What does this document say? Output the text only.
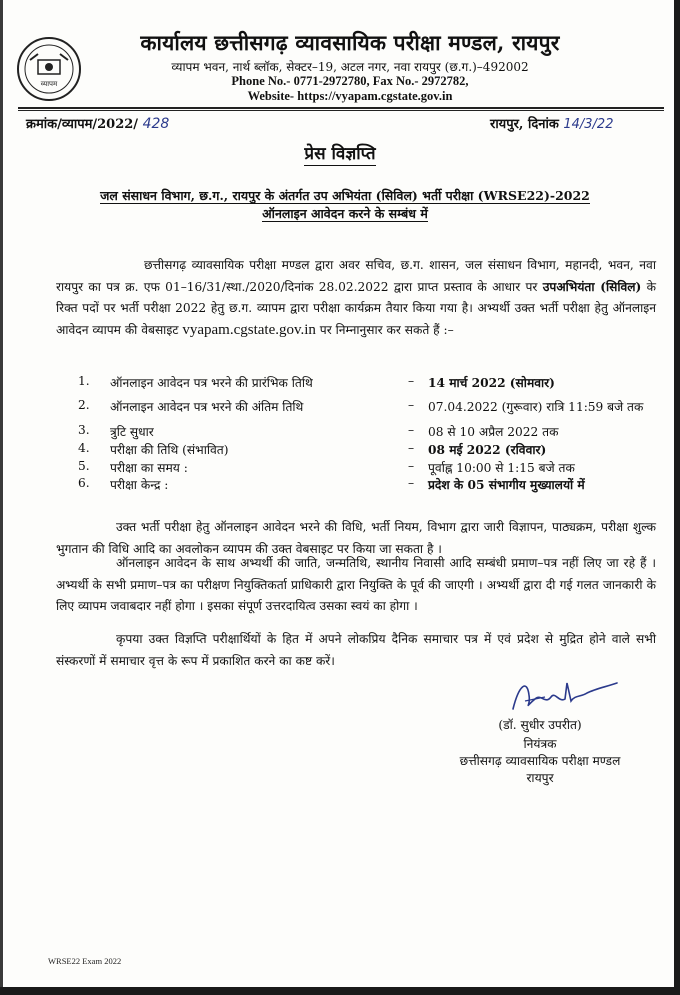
व्यापम
कार्यालय छत्तीसगढ़ व्यावसायिक परीक्षा मण्डल, रायपुर
व्यापम भवन, नार्थ ब्लॉक, सेक्टर–19, अटल नगर, नवा रायपुर (छ.ग.)–492002
Phone No.- 0771-2972780, Fax No.- 2972782,
Website- https://vyapam.cgstate.gov.in
क्रमांक/व्यापम/2022/ 428	रायपुर, दिनांक 14/3/22
प्रेस विज्ञप्ति
जल संसाधन विभाग, छ.ग., रायपुर के अंतर्गत उप अभियंता (सिविल) भर्ती परीक्षा (WRSE22)-2022
ऑनलाइन आवेदन करने के सम्बंध में
छत्तीसगढ़ व्यावसायिक परीक्षा मण्डल द्वारा अवर सचिव, छ.ग. शासन, जल संसाधन विभाग, महानदी, भवन, नवा रायपुर का पत्र क्र. एफ 01–16/31/स्था./2020/दिनांक 28.02.2022 द्वारा प्राप्त प्रस्ताव के आधार पर उपअभियंता (सिविल) के रिक्त पदों पर भर्ती परीक्षा 2022 हेतु छ.ग. व्यापम द्वारा परीक्षा कार्यक्रम तैयार किया गया है। अभ्यर्थी उक्त भर्ती परीक्षा हेतु ऑनलाइन आवेदन व्यापम की वेबसाइट vyapam.cgstate.gov.in पर निम्नानुसार कर सकते हैं :–
1. ऑनलाइन आवेदन पत्र भरने की प्रारंभिक तिथि	– 14 मार्च 2022 (सोमवार)
2. ऑनलाइन आवेदन पत्र भरने की अंतिम तिथि	– 07.04.2022 (गुरूवार) रात्रि 11:59 बजे तक
3. त्रुटि सुधार	– 08 से 10 अप्रैल 2022 तक
4. परीक्षा की तिथि (संभावित)	– 08 मई 2022 (रविवार)
5. परीक्षा का समय :	– पूर्वाह्न 10:00 से 1:15 बजे तक
6. परीक्षा केन्द्र :	– प्रदेश के 05 संभागीय मुख्यालयों में
उक्त भर्ती परीक्षा हेतु ऑनलाइन आवेदन भरने की विधि, भर्ती नियम, विभाग द्वारा जारी विज्ञापन, पाठ्यक्रम, परीक्षा शुल्क भुगतान की विधि आदि का अवलोकन व्यापम की उक्त वेबसाइट पर किया जा सकता है ।
ऑनलाइन आवेदन के साथ अभ्यर्थी की जाति, जन्मतिथि, स्थानीय निवासी आदि सम्बंधी प्रमाण–पत्र नहीं लिए जा रहे हैं । अभ्यर्थी के सभी प्रमाण–पत्र का परीक्षण नियुक्तिकर्ता प्राधिकारी द्वारा नियुक्ति के पूर्व की जाएगी । अभ्यर्थी द्वारा दी गई गलत जानकारी के लिए व्यापम जवाबदार नहीं होगा । इसका संपूर्ण उत्तरदायित्व उसका स्वयं का होगा ।
कृपया उक्त विज्ञप्ति परीक्षार्थियों के हित में अपने लोकप्रिय दैनिक समाचार पत्र में एवं प्रदेश से मुद्रित होने वाले सभी संस्करणों में समाचार वृत्त के रूप में प्रकाशित करने का कष्ट करें।
(डॉ. सुधीर उपरीत)
नियंत्रक
छत्तीसगढ़ व्यावसायिक परीक्षा मण्डल
रायपुर
WRSE22 Exam 2022
